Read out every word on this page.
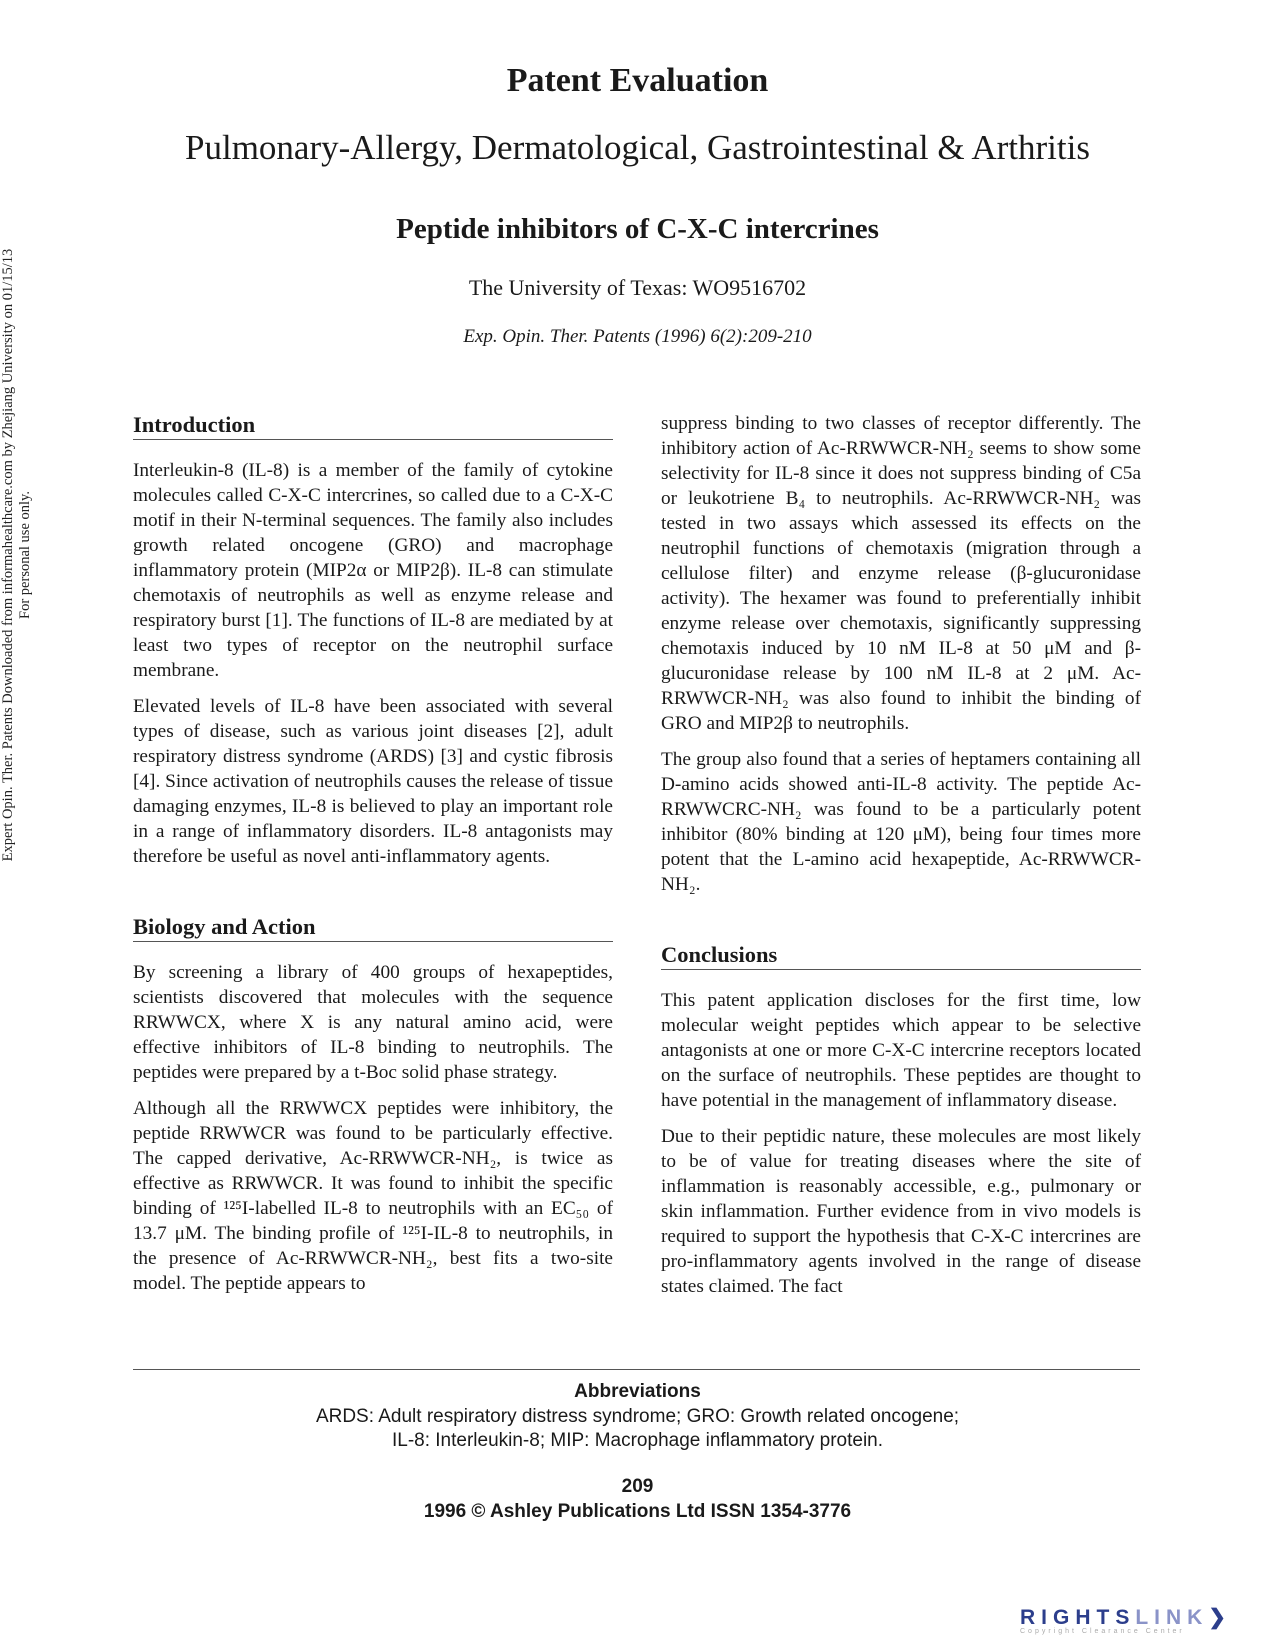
Expert Opin. Ther. Patents Downloaded from informahealthcare.com by Zhejiang University on 01/15/13 For personal use only.
Patent Evaluation
Pulmonary-Allergy, Dermatological, Gastrointestinal & Arthritis
Peptide inhibitors of C-X-C intercrines
The University of Texas: WO9516702
Exp. Opin. Ther. Patents (1996) 6(2):209-210
Introduction

Interleukin-8 (IL-8) is a member of the family of cytokine molecules called C-X-C intercrines, so called due to a C-X-C motif in their N-terminal sequences. The family also includes growth related oncogene (GRO) and macrophage inflammatory protein (MIP2α or MIP2β). IL-8 can stimulate chemotaxis of neutrophils as well as enzyme release and respiratory burst [1]. The functions of IL-8 are mediated by at least two types of receptor on the neutrophil surface membrane.

Elevated levels of IL-8 have been associated with several types of disease, such as various joint diseases [2], adult respiratory distress syndrome (ARDS) [3] and cystic fibrosis [4]. Since activation of neutrophils causes the release of tissue damaging enzymes, IL-8 is believed to play an important role in a range of inflammatory disorders. IL-8 antagonists may therefore be useful as novel anti-inflammatory agents.

Biology and Action

By screening a library of 400 groups of hexapeptides, scientists discovered that molecules with the sequence RRWWCX, where X is any natural amino acid, were effective inhibitors of IL-8 binding to neutrophils. The peptides were prepared by a t-Boc solid phase strategy.

Although all the RRWWCX peptides were inhibitory, the peptide RRWWCR was found to be particularly effective. The capped derivative, Ac-RRWWCR-NH₂, is twice as effective as RRWWCR. It was found to inhibit the specific binding of ¹²⁵I-labelled IL-8 to neutrophils with an EC₅₀ of 13.7 μM. The binding profile of ¹²⁵I-IL-8 to neutrophils, in the presence of Ac-RRWWCR-NH₂, best fits a two-site model. The peptide appears to

suppress binding to two classes of receptor differently. The inhibitory action of Ac-RRWWCR-NH₂ seems to show some selectivity for IL-8 since it does not suppress binding of C5a or leukotriene B₄ to neutrophils. Ac-RRWWCR-NH₂ was tested in two assays which assessed its effects on the neutrophil functions of chemotaxis (migration through a cellulose filter) and enzyme release (β-glucuronidase activity). The hexamer was found to preferentially inhibit enzyme release over chemotaxis, significantly suppressing chemotaxis induced by 10 nM IL-8 at 50 μM and β-glucuronidase release by 100 nM IL-8 at 2 μM. Ac-RRWWCR-NH₂ was also found to inhibit the binding of GRO and MIP2β to neutrophils.

The group also found that a series of heptamers containing all D-amino acids showed anti-IL-8 activity. The peptide Ac-RRWWCRC-NH₂ was found to be a particularly potent inhibitor (80% binding at 120 μM), being four times more potent that the L-amino acid hexapeptide, Ac-RRWWCR-NH₂.

Conclusions

This patent application discloses for the first time, low molecular weight peptides which appear to be selective antagonists at one or more C-X-C intercrine receptors located on the surface of neutrophils. These peptides are thought to have potential in the management of inflammatory disease.

Due to their peptidic nature, these molecules are most likely to be of value for treating diseases where the site of inflammation is reasonably accessible, e.g., pulmonary or skin inflammation. Further evidence from in vivo models is required to support the hypothesis that C-X-C intercrines are pro-inflammatory agents involved in the range of disease states claimed. The fact

Abbreviations
ARDS: Adult respiratory distress syndrome; GRO: Growth related oncogene;
IL-8: Interleukin-8; MIP: Macrophage inflammatory protein.
209
1996 © Ashley Publications Ltd ISSN 1354-3776
RIGHTSLINK❯
Copyright Clearance Center
